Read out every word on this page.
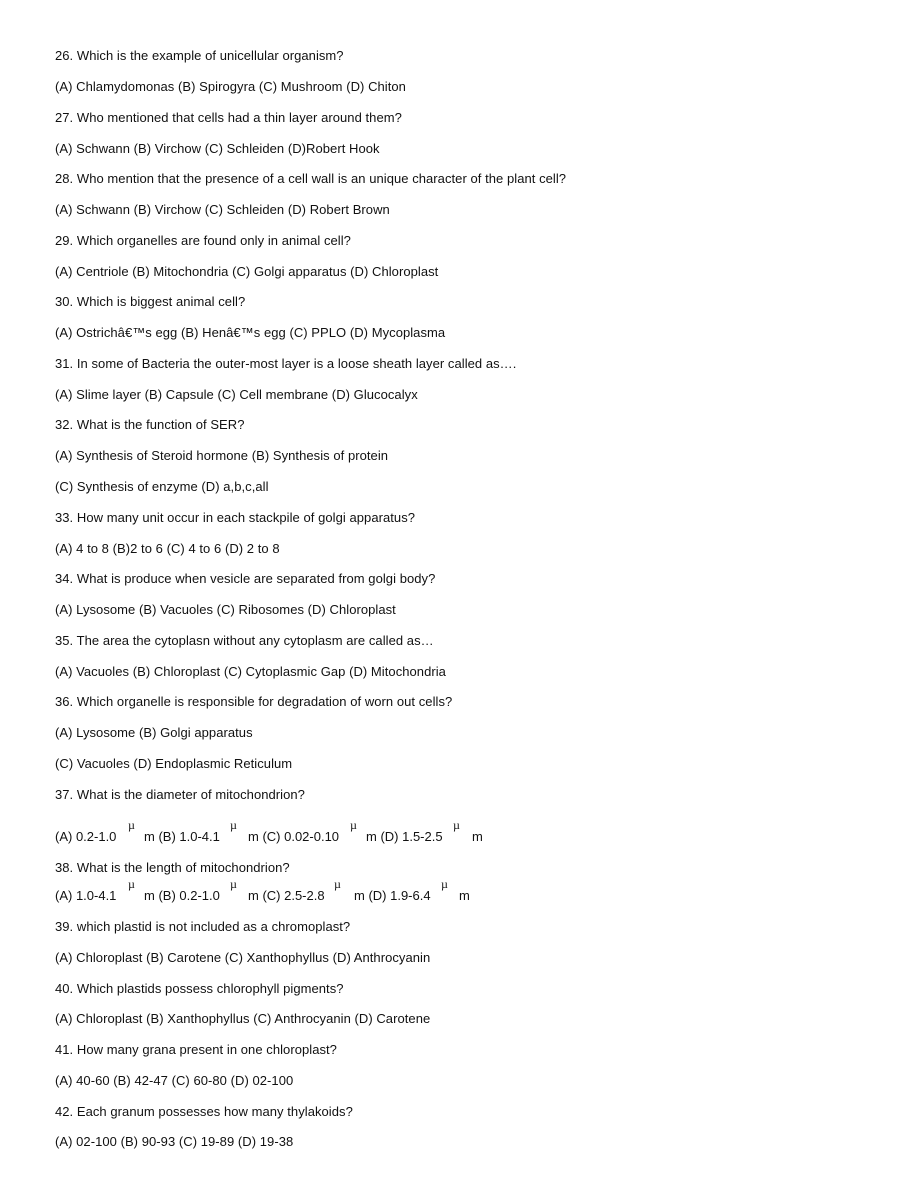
26. Which is the example of unicellular organism?
(A) Chlamydomonas (B) Spirogyra (C) Mushroom (D) Chiton
27. Who mentioned that cells had a thin layer around them?
(A) Schwann (B) Virchow (C) Schleiden (D)Robert Hook
28. Who mention that the presence of a cell wall is an unique character of the plant cell?
(A) Schwann (B) Virchow (C) Schleiden (D) Robert Brown
29. Which organelles are found only in animal cell?
(A) Centriole (B) Mitochondria (C) Golgi apparatus (D) Chloroplast
30. Which is biggest animal cell?
(A) Ostrichâ€™s egg (B) Henâ€™s egg (C) PPLO (D) Mycoplasma
31. In some of Bacteria the outer-most layer is a loose sheath layer called as….
(A) Slime layer (B) Capsule (C) Cell membrane (D) Glucocalyx
32. What is the function of SER?
(A) Synthesis of Steroid hormone (B) Synthesis of protein
(C) Synthesis of enzyme (D) a,b,c,all
33. How many unit occur in each stackpile of golgi apparatus?
(A) 4 to 8 (B)2 to 6 (C) 4 to 6 (D) 2 to 8
34. What is produce when vesicle are separated from golgi body?
(A) Lysosome (B) Vacuoles (C) Ribosomes (D) Chloroplast
35. The area the cytoplasn without any cytoplasm are called as…
(A) Vacuoles (B) Chloroplast (C) Cytoplasmic Gap (D) Mitochondria
36. Which organelle is responsible for degradation of worn out cells?
(A) Lysosome (B) Golgi apparatus
(C) Vacuoles (D) Endoplasmic Reticulum
37. What is the diameter of mitochondrion?

(A) 0.2-1.0

µ

m (B) 1.0-4.1

µ

m (C) 0.02-0.10

µ

m (D) 1.5-2.5

µ

m

38. What is the length of mitochondrion?

(A) 1.0-4.1

µ

m (B) 0.2-1.0

µ

m (C) 2.5-2.8

µ

m (D) 1.9-6.4

µ

m

39. which plastid is not included as a chromoplast?
(A) Chloroplast (B) Carotene (C) Xanthophyllus (D) Anthrocyanin
40. Which plastids possess chlorophyll pigments?
(A) Chloroplast (B) Xanthophyllus (C) Anthrocyanin (D) Carotene
41. How many grana present in one chloroplast?
(A) 40-60 (B) 42-47 (C) 60-80 (D) 02-100
42. Each granum possesses how many thylakoids?
(A) 02-100 (B) 90-93 (C) 19-89 (D) 19-38
